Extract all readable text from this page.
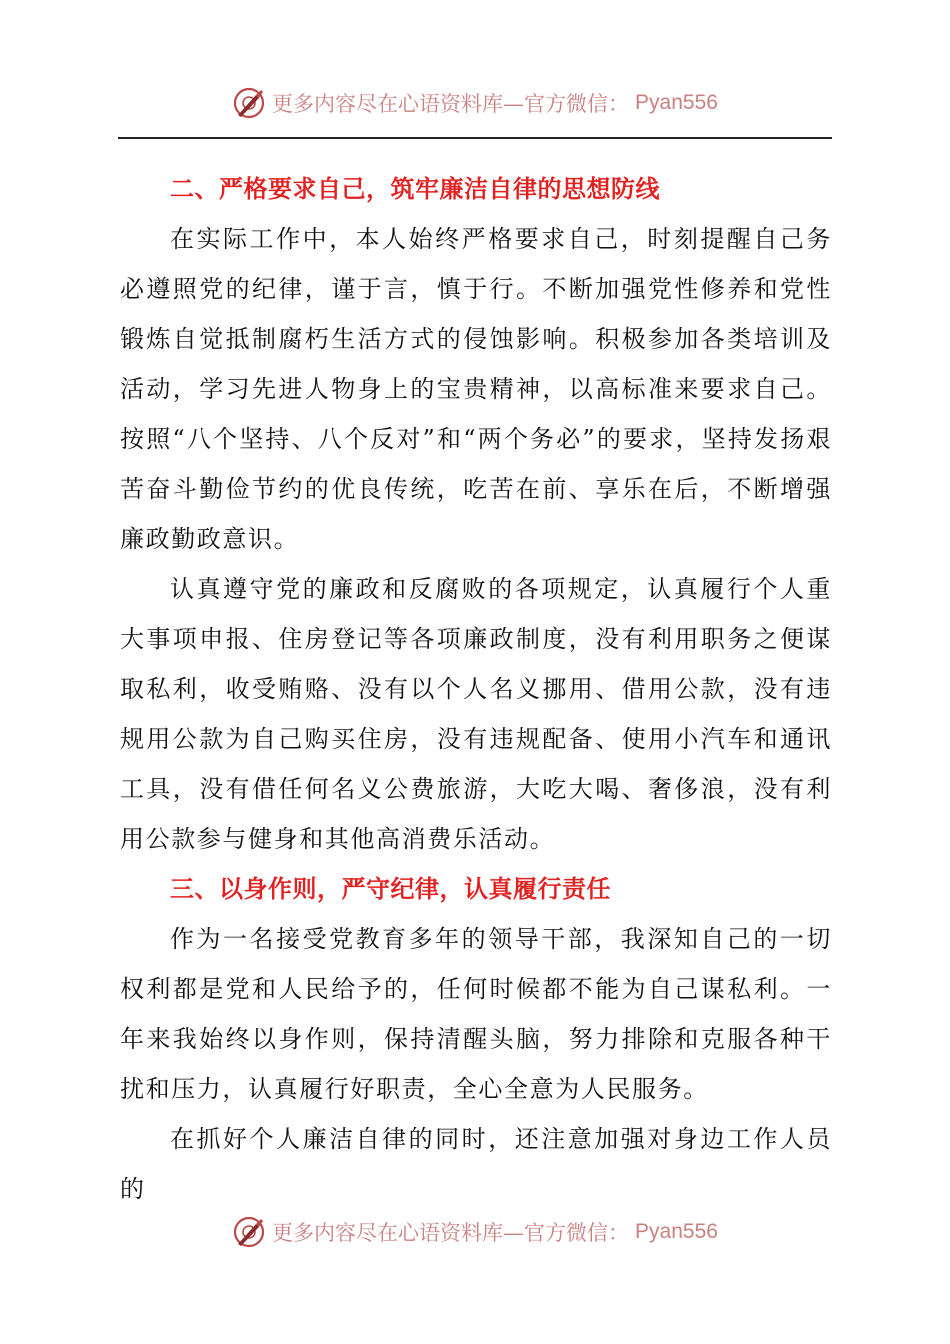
更多内容尽在心语资料库—官方微信： Pyan556
二、严格要求自己，筑牢廉洁自律的思想防线

在实际工作中，本人始终严格要求自己，时刻提醒自己务必遵照党的纪律，谨于言，慎于行。不断加强党性修养和党性锻炼自觉抵制腐朽生活方式的侵蚀影响。积极参加各类培训及活动，学习先进人物身上的宝贵精神，以高标准来要求自己。按照“八个坚持、八个反对”和“两个务必”的要求，坚持发扬艰苦奋斗勤俭节约的优良传统，吃苦在前、享乐在后，不断增强廉政勤政意识。

认真遵守党的廉政和反腐败的各项规定，认真履行个人重大事项申报、住房登记等各项廉政制度，没有利用职务之便谋取私利，收受贿赂、没有以个人名义挪用、借用公款，没有违规用公款为自己购买住房，没有违规配备、使用小汽车和通讯工具，没有借任何名义公费旅游，大吃大喝、奢侈浪，没有利用公款参与健身和其他高消费乐活动。

三、以身作则，严守纪律，认真履行责任

作为一名接受党教育多年的领导干部，我深知自己的一切权利都是党和人民给予的，任何时候都不能为自己谋私利。一年来我始终以身作则，保持清醒头脑，努力排除和克服各种干扰和压力，认真履行好职责，全心全意为人民服务。

在抓好个人廉洁自律的同时，还注意加强对身边工作人员的

更多内容尽在心语资料库—官方微信： Pyan556
